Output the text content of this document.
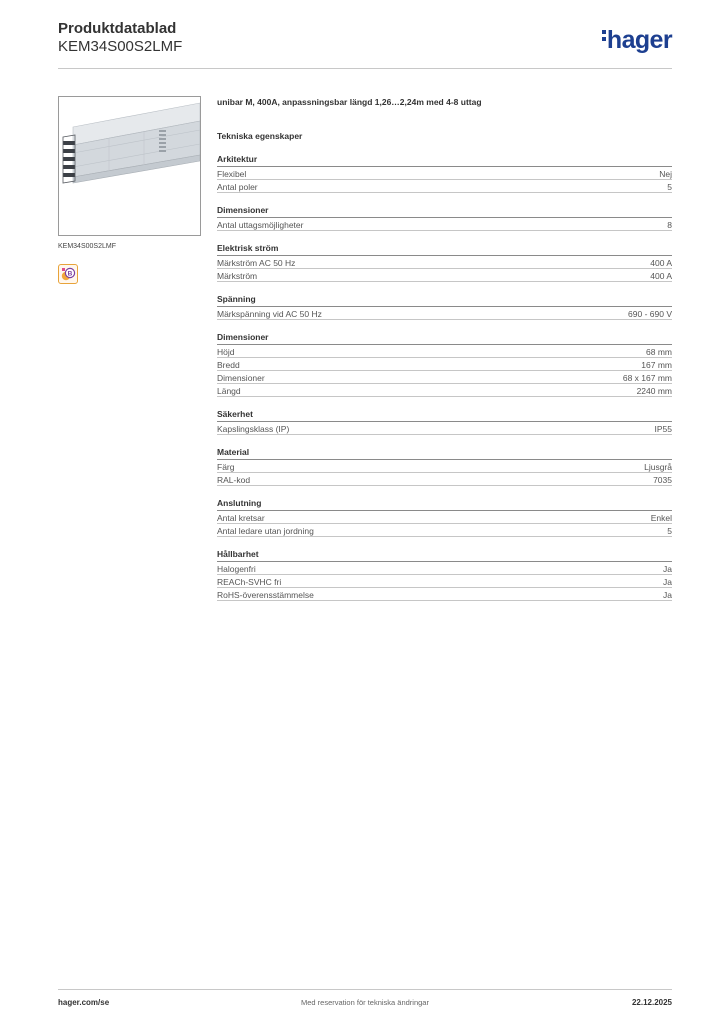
Produktdatablad
KEM34S00S2LMF	hager
KEM34S00S2LMF
B
unibar M, 400A, anpassningsbar längd 1,26…2,24m med 4-8 uttag
Tekniska egenskaper
Arkitektur
Flexibel	Nej
Antal poler	5
Dimensioner
Antal uttagsmöjligheter	8
Elektrisk ström
Märkström AC 50 Hz	400 A
Märkström	400 A
Spänning
Märkspänning vid AC 50 Hz	690 - 690 V
Dimensioner
Höjd	68 mm
Bredd	167 mm
Dimensioner	68 x 167 mm
Längd	2240 mm
Säkerhet
Kapslingsklass (IP)	IP55
Material
Färg	Ljusgrå
RAL-kod	7035
Anslutning
Antal kretsar	Enkel
Antal ledare utan jordning	5
Hållbarhet
Halogenfri	Ja
REACh-SVHC fri	Ja
RoHS-överensstämmelse	Ja
hager.com/se	Med reservation för tekniska ändringar	22.12.2025
